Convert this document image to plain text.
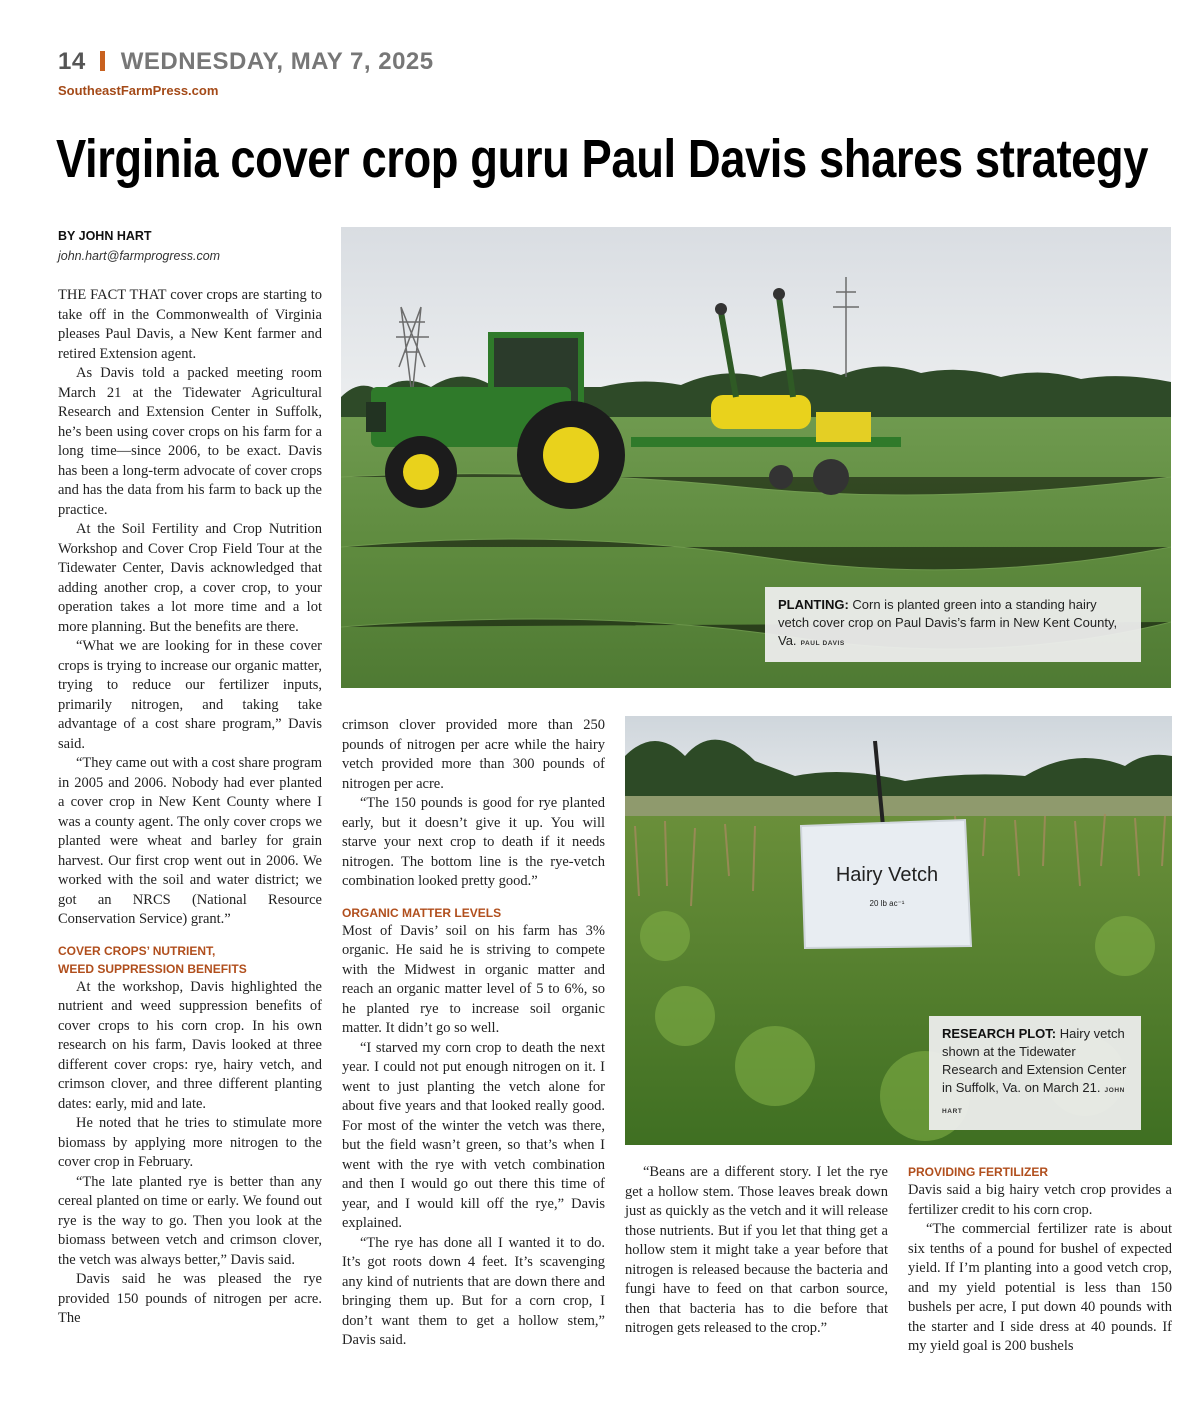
14 WEDNESDAY, MAY 7, 2025
SoutheastFarmPress.com
Virginia cover crop guru Paul Davis shares strategy
BY JOHN HART
john.hart@farmprogress.com

THE FACT THAT cover crops are starting to take off in the Commonwealth of Virginia pleases Paul Davis, a New Kent farmer and retired Extension agent.

As Davis told a packed meeting room March 21 at the Tidewater Agricultural Research and Extension Center in Suffolk, he’s been using cover crops on his farm for a long time—since 2006, to be exact. Davis has been a long-term advocate of cover crops and has the data from his farm to back up the practice.

At the Soil Fertility and Crop Nutrition Workshop and Cover Crop Field Tour at the Tidewater Center, Davis acknowledged that adding another crop, a cover crop, to your operation takes a lot more time and a lot more planning. But the benefits are there.

“What we are looking for in these cover crops is trying to increase our organic matter, trying to reduce our fertilizer inputs, primarily nitrogen, and taking take advantage of a cost share program,” Davis said.

“They came out with a cost share program in 2005 and 2006. Nobody had ever planted a cover crop in New Kent County where I was a county agent. The only cover crops we planted were wheat and barley for grain harvest. Our first crop went out in 2006. We worked with the soil and water district; we got an NRCS (National Resource Conservation Service) grant.”

COVER CROPS’ NUTRIENT,
WEED SUPPRESSION BENEFITS

At the workshop, Davis highlighted the nutrient and weed suppression benefits of cover crops to his corn crop. In his own research on his farm, Davis looked at three different cover crops: rye, hairy vetch, and crimson clover, and three different planting dates: early, mid and late.

He noted that he tries to stimulate more biomass by applying more nitrogen to the cover crop in February.

“The late planted rye is better than any cereal planted on time or early. We found out rye is the way to go. Then you look at the biomass between vetch and crimson clover, the vetch was always better,” Davis said.

Davis said he was pleased the rye provided 150 pounds of nitrogen per acre. The

crimson clover provided more than 250 pounds of nitrogen per acre while the hairy vetch provided more than 300 pounds of nitrogen per acre.

“The 150 pounds is good for rye planted early, but it doesn’t give it up. You will starve your next crop to death if it needs nitrogen. The bottom line is the rye-vetch combination looked pretty good.”

ORGANIC MATTER LEVELS

Most of Davis’ soil on his farm has 3% organic. He said he is striving to compete with the Midwest in organic matter and reach an organic matter level of 5 to 6%, so he planted rye to increase soil organic matter. It didn’t go so well.

“I starved my corn crop to death the next year. I could not put enough nitrogen on it. I went to just planting the vetch alone for about five years and that looked really good. For most of the winter the vetch was there, but the field wasn’t green, so that’s when I went with the rye with vetch combination and then I would go out there this time of year, and I would kill off the rye,” Davis explained.

“The rye has done all I wanted it to do. It’s got roots down 4 feet. It’s scavenging any kind of nutrients that are down there and bringing them up. But for a corn crop, I don’t want them to get a hollow stem,” Davis said.

“Beans are a different story. I let the rye get a hollow stem. Those leaves break down just as quickly as the vetch and it will release those nutrients. But if you let that thing get a hollow stem it might take a year before that nitrogen is released because the bacteria and fungi have to feed on that carbon source, then that bacteria has to die before that nitrogen gets released to the crop.”

PROVIDING FERTILIZER

Davis said a big hairy vetch crop provides a fertilizer credit to his corn crop.

“The commercial fertilizer rate is about six tenths of a pound for bushel of expected yield. If I’m planting into a good vetch crop, and my yield potential is less than 150 bushels per acre, I put down 40 pounds with the starter and I side dress at 40 pounds. If my yield goal is 200 bushels

PLANTING: Corn is planted green into a standing hairy vetch cover crop on Paul Davis’s farm in New Kent County, Va. PAUL DAVIS
Hairy Vetch
20 lb ac⁻¹
RESEARCH PLOT: Hairy vetch shown at the Tidewater Research and Extension Center in Suffolk, Va. on March 21. JOHN HART
